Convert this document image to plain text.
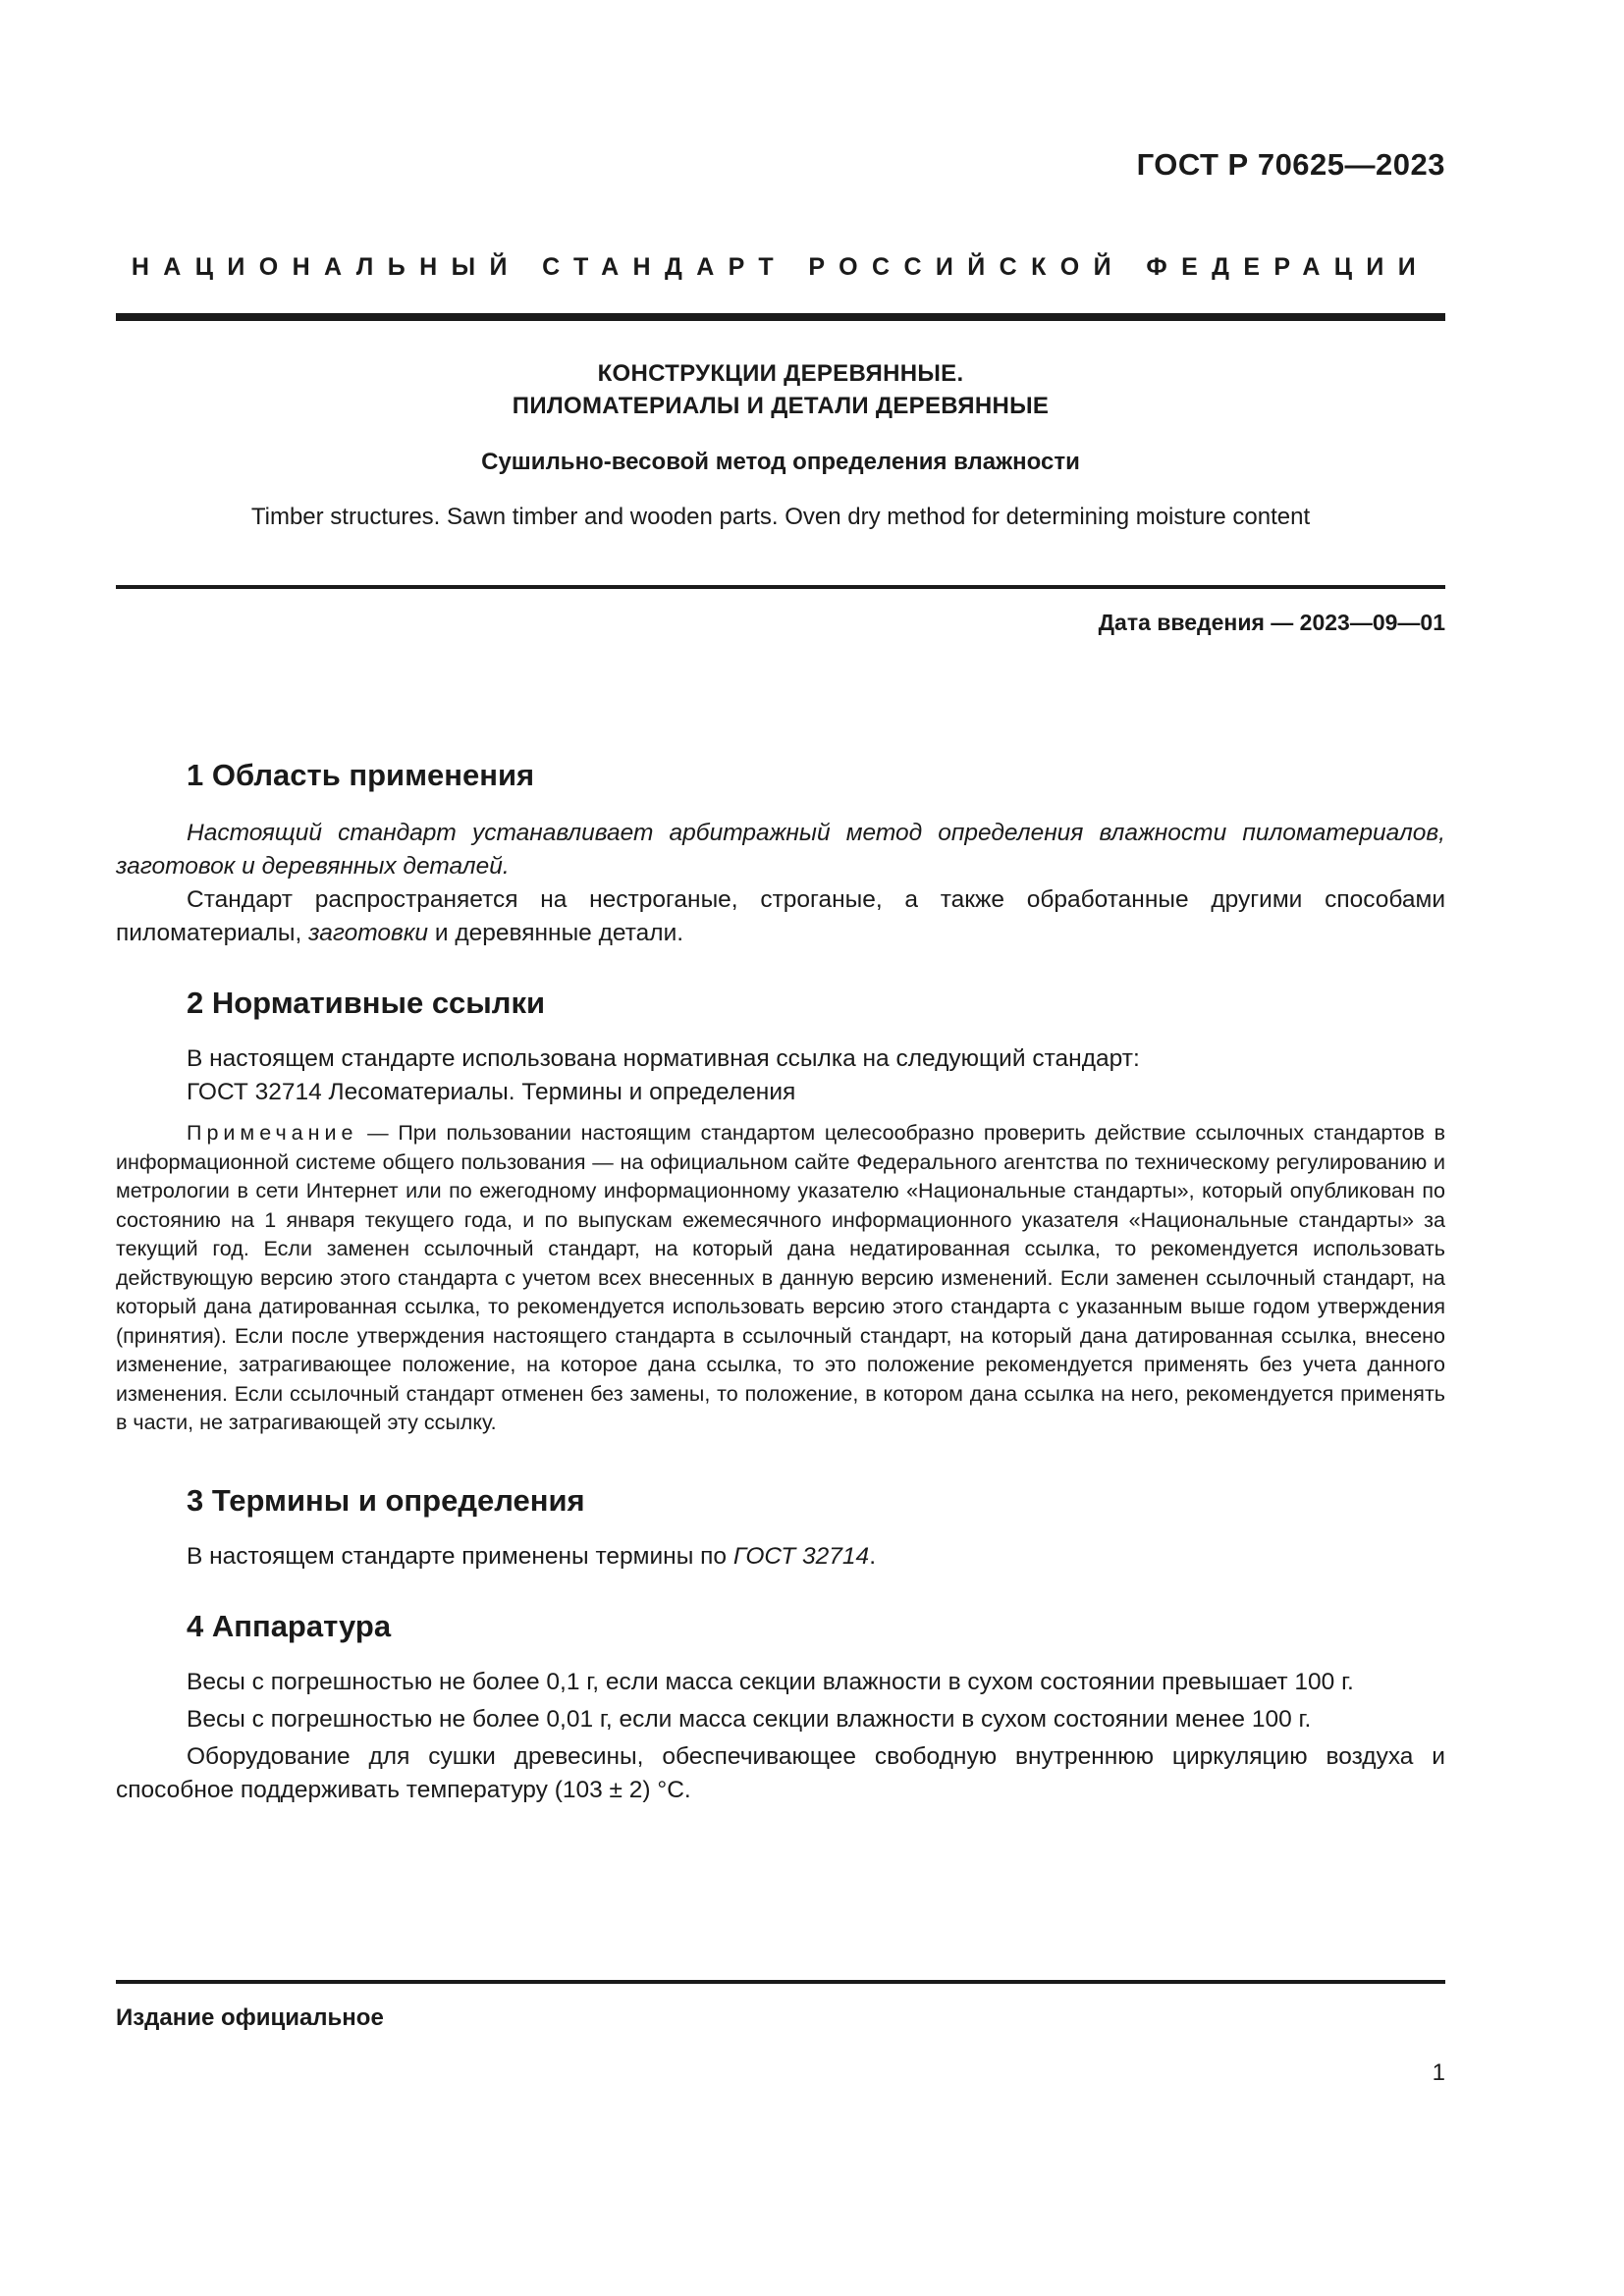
ГОСТ Р 70625—2023
НАЦИОНАЛЬНЫЙ СТАНДАРТ РОССИЙСКОЙ ФЕДЕРАЦИИ
КОНСТРУКЦИИ ДЕРЕВЯННЫЕ.
ПИЛОМАТЕРИАЛЫ И ДЕТАЛИ ДЕРЕВЯННЫЕ
Сушильно-весовой метод определения влажности
Timber structures. Sawn timber and wooden parts. Oven dry method for determining moisture content
Дата введения — 2023—09—01
1 Область применения

Настоящий стандарт устанавливает арбитражный метод определения влажности пиломатериалов, заготовок и деревянных деталей.

Стандарт распространяется на нестроганые, строганые, а также обработанные другими способами пиломатериалы, заготовки и деревянные детали.

2 Нормативные ссылки

В настоящем стандарте использована нормативная ссылка на следующий стандарт:

ГОСТ 32714 Лесоматериалы. Термины и определения

Примечание — При пользовании настоящим стандартом целесообразно проверить действие ссылочных стандартов в информационной системе общего пользования — на официальном сайте Федерального агентства по техническому регулированию и метрологии в сети Интернет или по ежегодному информационному указателю «Национальные стандарты», который опубликован по состоянию на 1 января текущего года, и по выпускам ежемесячного информационного указателя «Национальные стандарты» за текущий год. Если заменен ссылочный стандарт, на который дана недатированная ссылка, то рекомендуется использовать действующую версию этого стандарта с учетом всех внесенных в данную версию изменений. Если заменен ссылочный стандарт, на который дана датированная ссылка, то рекомендуется использовать версию этого стандарта с указанным выше годом утверждения (принятия). Если после утверждения настоящего стандарта в ссылочный стандарт, на который дана датированная ссылка, внесено изменение, затрагивающее положение, на которое дана ссылка, то это положение рекомендуется применять без учета данного изменения. Если ссылочный стандарт отменен без замены, то положение, в котором дана ссылка на него, рекомендуется применять в части, не затрагивающей эту ссылку.

3 Термины и определения

В настоящем стандарте применены термины по ГОСТ 32714.

4 Аппаратура

Весы с погрешностью не более 0,1 г, если масса секции влажности в сухом состоянии превышает 100 г.

Весы с погрешностью не более 0,01 г, если масса секции влажности в сухом состоянии менее 100 г.

Оборудование для сушки древесины, обеспечивающее свободную внутреннюю циркуляцию воздуха и способное поддерживать температуру (103 ± 2) °С.

Издание официальное
1
